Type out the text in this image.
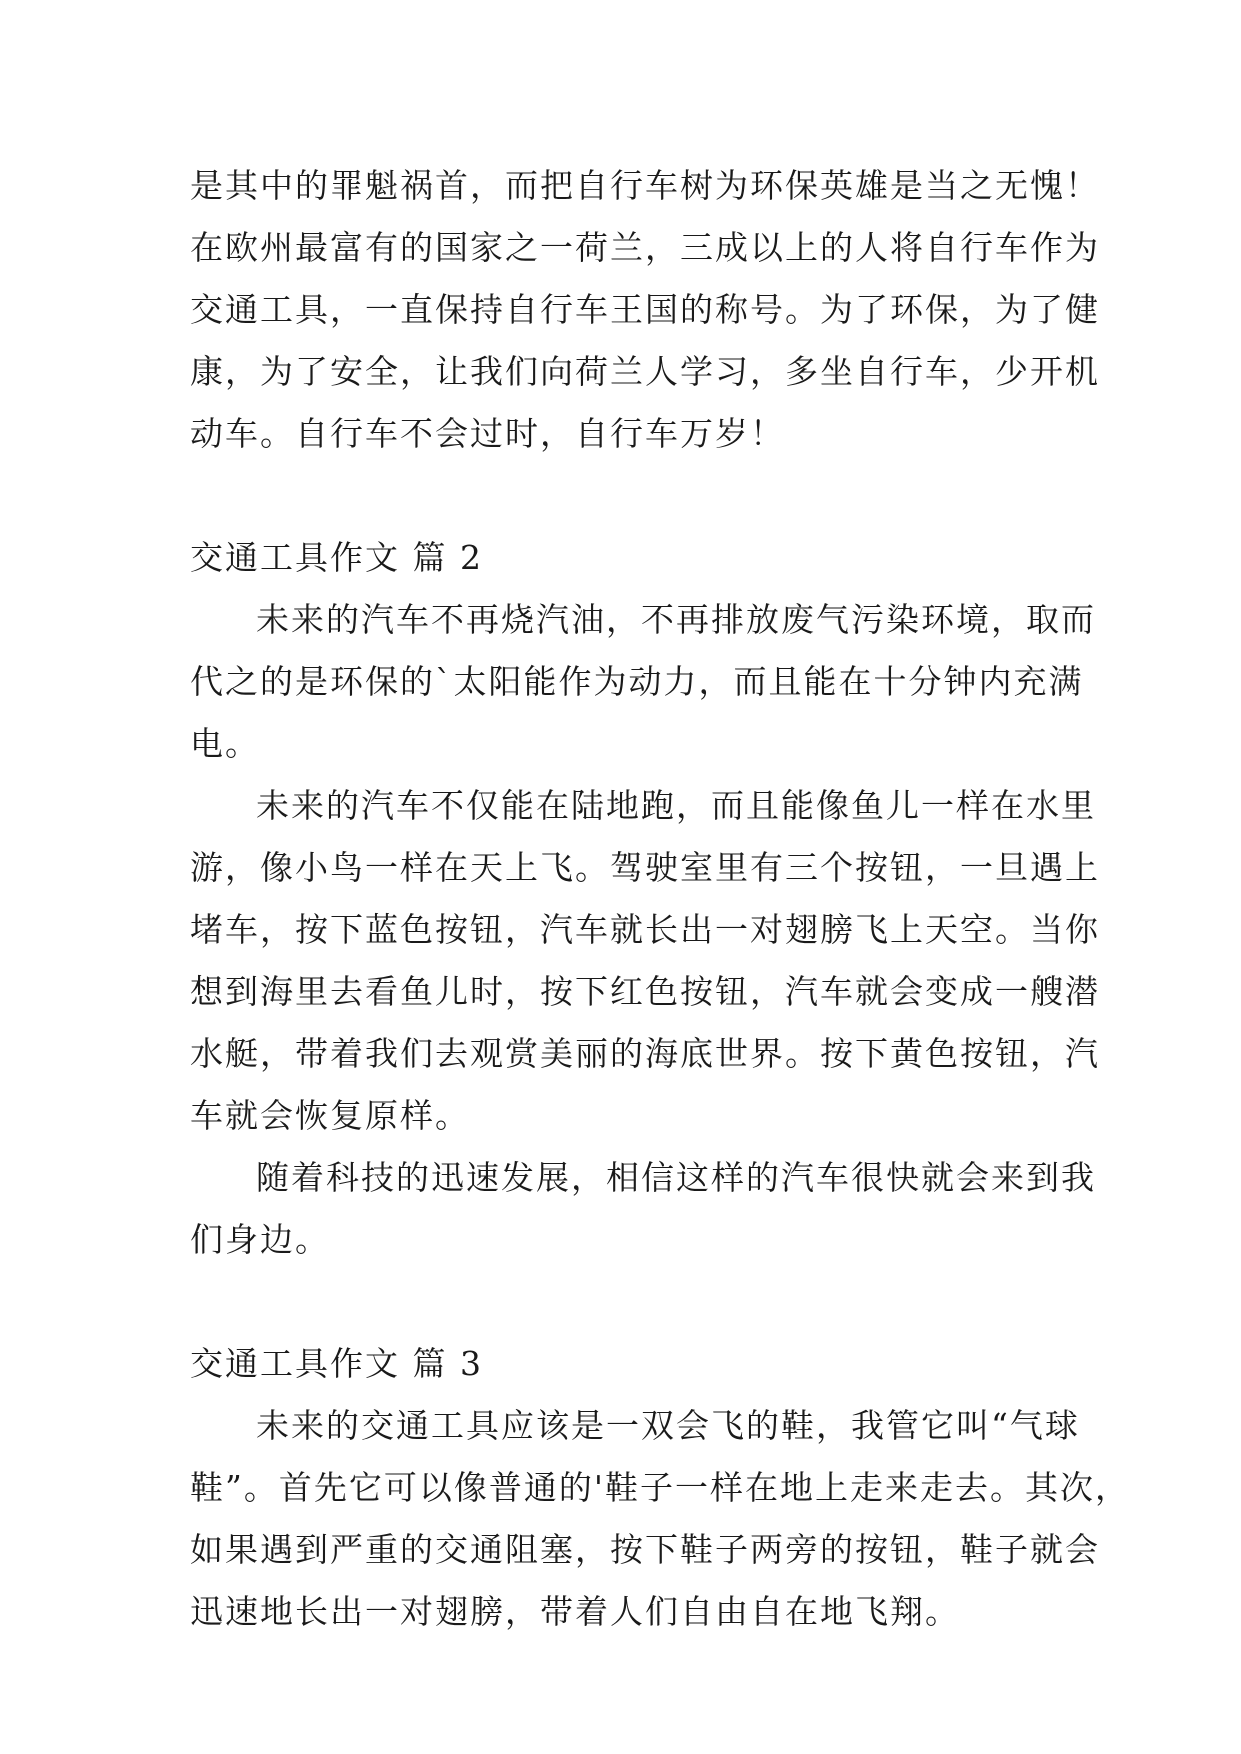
是其中的罪魁祸首，而把自行车树为环保英雄是当之无愧！
在欧州最富有的国家之一荷兰，三成以上的人将自行车作为
交通工具，一直保持自行车王国的称号。为了环保，为了健
康，为了安全，让我们向荷兰人学习，多坐自行车，少开机
动车。自行车不会过时，自行车万岁！
交通工具作文 篇 2
未来的汽车不再烧汽油，不再排放废气污染环境，取而
代之的是环保的`太阳能作为动力，而且能在十分钟内充满
电。
未来的汽车不仅能在陆地跑，而且能像鱼儿一样在水里
游，像小鸟一样在天上飞。驾驶室里有三个按钮，一旦遇上
堵车，按下蓝色按钮，汽车就长出一对翅膀飞上天空。当你
想到海里去看鱼儿时，按下红色按钮，汽车就会变成一艘潜
水艇，带着我们去观赏美丽的海底世界。按下黄色按钮，汽
车就会恢复原样。
随着科技的迅速发展，相信这样的汽车很快就会来到我
们身边。
交通工具作文 篇 3
未来的交通工具应该是一双会飞的鞋，我管它叫“气球
鞋”。首先它可以像普通的'鞋子一样在地上走来走去。其次，
如果遇到严重的交通阻塞，按下鞋子两旁的按钮，鞋子就会
迅速地长出一对翅膀，带着人们自由自在地飞翔。
